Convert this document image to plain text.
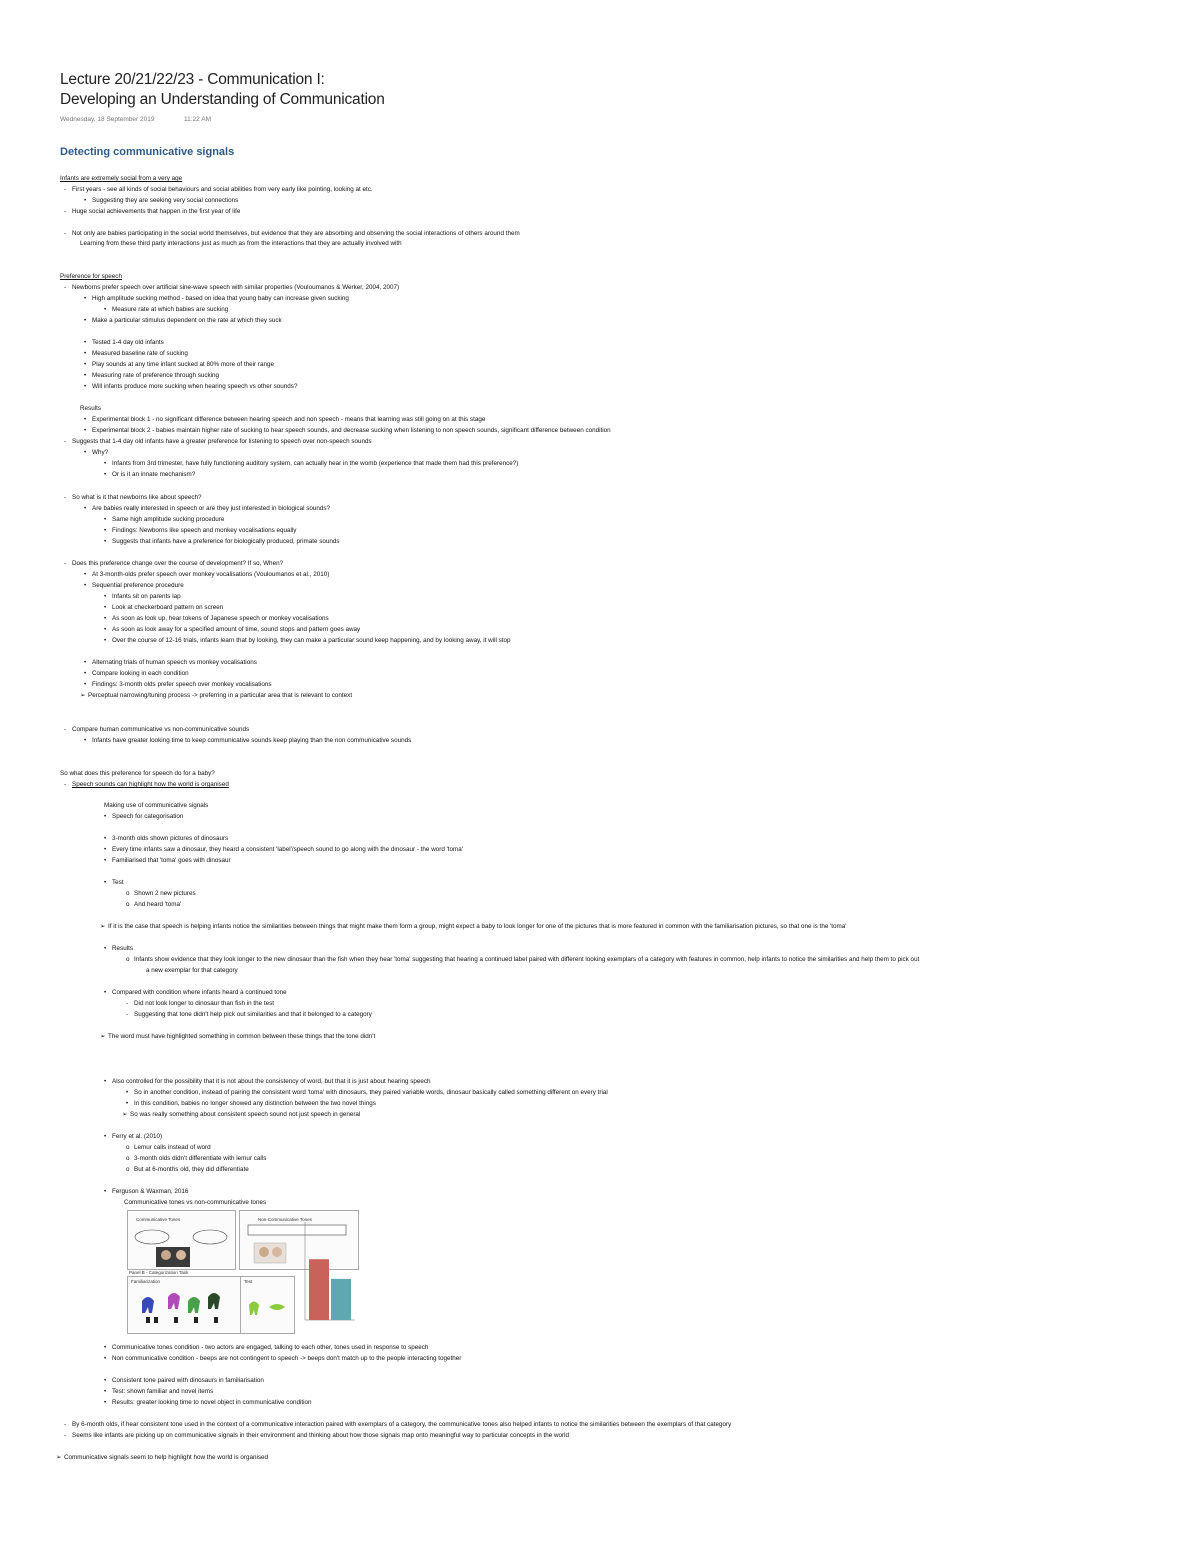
Lecture 20/21/22/23 - Communication I:
Developing an Understanding of Communication
Wednesday, 18 September 2019	11:22 AM
Detecting communicative signals
Infants are extremely social from a very age
- First years - see all kinds of social behaviours and social abilities from very early like pointing, looking at etc.
• Suggesting they are seeking very social connections
- Huge social achievements that happen in the first year of life
- Not only are babies participating in the social world themselves, but evidence that they are absorbing and observing the social interactions of others around them
Learning from these third party interactions just as much as from the interactions that they are actually involved with
Preference for speech
- Newborns prefer speech over artificial sine-wave speech with similar properties (Vouloumanos & Werker, 2004, 2007)
• High amplitude sucking method - based on idea that young baby can increase given sucking
• Measure rate at which babies are sucking
• Make a particular stimulus dependent on the rate at which they suck
• Tested 1-4 day old infants
• Measured baseline rate of sucking
• Play sounds at any time infant sucked at 80% more of their range
• Measuring rate of preference through sucking
• Will infants produce more sucking when hearing speech vs other sounds?
Results
• Experimental block 1 - no significant difference between hearing speech and non speech - means that learning was still going on at this stage
• Experimental block 2 - babies maintain higher rate of sucking to hear speech sounds, and decrease sucking when listening to non speech sounds, significant difference between condition
- Suggests that 1-4 day old infants have a greater preference for listening to speech over non-speech sounds
• Why?
• Infants from 3rd trimester, have fully functioning auditory system, can actually hear in the womb (experience that made them had this preference?)
• Or is it an innate mechanism?
- So what is it that newborns like about speech?
• Are babies really interested in speech or are they just interested in biological sounds?
• Same high amplitude sucking procedure
• Findings: Newborns like speech and monkey vocalisations equally
• Suggests that infants have a preference for biologically produced, primate sounds
- Does this preference change over the course of development? If so, When?
• At 3-month-olds prefer speech over monkey vocalisations (Vouloumanos et al., 2010)
• Sequential preference procedure
• Infants sit on parents lap
• Look at checkerboard pattern on screen
• As soon as look up, hear tokens of Japanese speech or monkey vocalisations
• As soon as look away for a specified amount of time, sound stops and pattern goes away
• Over the course of 12-16 trials, infants learn that by looking, they can make a particular sound keep happening, and by looking away, it will stop
• Alternating trials of human speech vs monkey vocalisations
• Compare looking in each condition
• Findings: 3-month olds prefer speech over monkey vocalisations
➢ Perceptual narrowing/tuning process -> preferring in a particular area that is relevant to context
- Compare human communicative vs non-communicative sounds
• Infants have greater looking time to keep communicative sounds keep playing than the non communicative sounds
So what does this preference for speech do for a baby?
- Speech sounds can highlight how the world is organised
Making use of communicative signals
• Speech for categorisation
• 3-month olds shown pictures of dinosaurs
• Every time infants saw a dinosaur, they heard a consistent 'label'/speech sound to go along with the dinosaur - the word 'toma'
• Familiarised that 'toma' goes with dinosaur
• Test
o Shown 2 new pictures
o And heard 'toma'
➢ If it is the case that speech is helping infants notice the similarities between things that might make them form a group, might expect a baby to look longer for one of the pictures that is more featured in common with the familiarisation pictures, so that one is the 'toma'
• Results
o Infants show evidence that they look longer to the new dinosaur than the fish when they hear 'toma' suggesting that hearing a continued label paired with different looking exemplars of a category with features in common, help infants to notice the similarities and help them to pick out
a new exemplar for that category
• Compared with condition where infants heard a continued tone
- Did not look longer to dinosaur than fish in the test
- Suggesting that tone didn't help pick out similarities and that it belonged to a category
➢ The word must have highlighted something in common between these things that the tone didn't
• Also controlled for the possibility that it is not about the consistency of word, but that it is just about hearing speech
• So in another condition, instead of pairing the consistent word 'toma' with dinosaurs, they paired variable words, dinosaur basically called something different on every trial
• In this condition, babies no longer showed any distinction between the two novel things
➢ So was really something about consistent speech sound not just speech in general
• Ferry et al. (2010)
o Lemur calls instead of word
o 3-month olds didn't differentiate with lemur calls
o But at 6-months old, they did differentiate
• Ferguson & Waxman, 2016
Communicative tones vs non-communicative tones
• Communicative tones condition - two actors are engaged, talking to each other, tones used in response to speech
• Non communicative condition - beeps are not contingent to speech -> beeps don't match up to the people interacting together
• Consistent tone paired with dinosaurs in familiarisation
• Test: shown familiar and novel items
• Results: greater looking time to novel object in communicative condition
- By 6-month olds, if hear consistent tone used in the context of a communicative interaction paired with exemplars of a category, the communicative tones also helped infants to notice the similarities between the exemplars of that category
- Seems like infants are picking up on communicative signals in their environment and thinking about how those signals map onto meaningful way to particular concepts in the world
➢ Communicative signals seem to help highlight how the world is organised
Communicative Tones	Non-Communicative Tones
Panel B - Categorization Task
Familiarization	Test
